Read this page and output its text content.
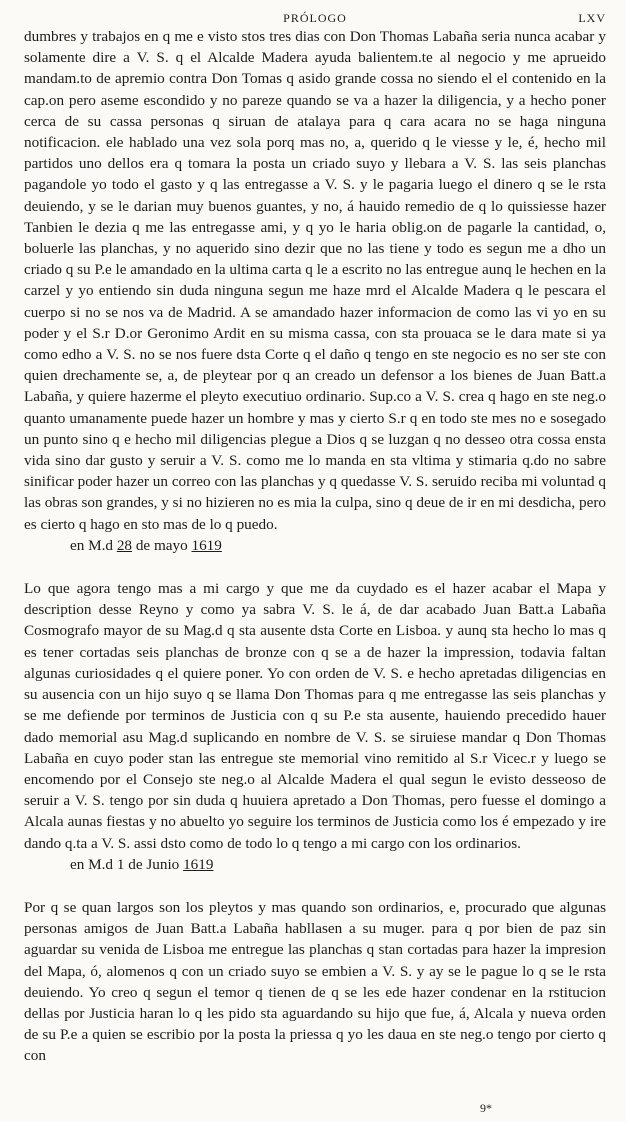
PRÓLOGO	LXV

dumbres y trabajos en q me e visto stos tres dias con Don Thomas Labaña seria nunca acabar y solamente dire a V. S. q el Alcalde Madera ayuda balientem.te al negocio y me aprueido mandam.to de apremio contra Don Tomas q asido grande cossa no siendo el el contenido en la cap.on pero aseme escondido y no pareze quando se va a hazer la diligencia, y a hecho poner cerca de su cassa personas q siruan de atalaya para q cara acara no se haga ninguna notificacion. ele hablado una vez sola porq mas no, a, querido q le viesse y le, é, hecho mil partidos uno dellos era q tomara la posta un criado suyo y llebara a V. S. las seis planchas pagandole yo todo el gasto y q las entregasse a V. S. y le pagaria luego el dinero q se le rsta deuiendo, y se le darian muy buenos guantes, y no, á hauido remedio de q lo quissiesse hazer Tanbien le dezia q me las entregasse ami, y q yo le haria oblig.on de pagarle la cantidad, o, boluerle las planchas, y no aquerido sino dezir que no las tiene y todo es segun me a dho un criado q su P.e le amandado en la ultima carta q le a escrito no las entregue aunq le hechen en la carzel y yo entiendo sin duda ninguna segun me haze mrd el Alcalde Madera q le pescara el cuerpo si no se nos va de Madrid. A se amandado hazer informacion de como las vi yo en su poder y el S.r D.or Geronimo Ardit en su misma cassa, con sta prouaca se le dara mate si ya como edho a V. S. no se nos fuere dsta Corte q el daño q tengo en ste negocio es no ser ste con quien drechamente se, a, de pleytear por q an creado un defensor a los bienes de Juan Batt.a Labaña, y quiere hazerme el pleyto executiuo ordinario. Sup.co a V. S. crea q hago en ste neg.o quanto umanamente puede hazer un hombre y mas y cierto S.r q en todo ste mes no e sosegado un punto sino q e hecho mil diligencias plegue a Dios q se luzgan q no desseo otra cossa ensta vida sino dar gusto y seruir a V. S. como me lo manda en sta vltima y stimaria q.do no sabre sinificar poder hazer un correo con las planchas y q quedasse V. S. seruido reciba mi voluntad q las obras son grandes, y si no hizieren no es mia la culpa, sino q deue de ir en mi desdicha, pero es cierto q hago en sto mas de lo q puedo.

en M.d 28 de mayo 1619

Lo que agora tengo mas a mi cargo y que me da cuydado es el hazer acabar el Mapa y description desse Reyno y como ya sabra V. S. le á, de dar acabado Juan Batt.a Labaña Cosmografo mayor de su Mag.d q sta ausente dsta Corte en Lisboa. y aunq sta hecho lo mas q es tener cortadas seis planchas de bronze con q se a de hazer la impression, todavia faltan algunas curiosidades q el quiere poner. Yo con orden de V. S. e hecho apretadas diligencias en su ausencia con un hijo suyo q se llama Don Thomas para q me entregasse las seis planchas y se me defiende por terminos de Justicia con q su P.e sta ausente, hauiendo precedido hauer dado memorial asu Mag.d suplicando en nombre de V. S. se siruiese mandar q Don Thomas Labaña en cuyo poder stan las entregue ste memorial vino remitido al S.r Vicec.r y luego se encomendo por el Consejo ste neg.o al Alcalde Madera el qual segun le evisto desseoso de seruir a V. S. tengo por sin duda q huuiera apretado a Don Thomas, pero fuesse el domingo a Alcala aunas fiestas y no abuelto yo seguire los terminos de Justicia como los é empezado y ire dando q.ta a V. S. assi dsto como de todo lo q tengo a mi cargo con los ordinarios.

en M.d 1 de Junio 1619

Por q se quan largos son los pleytos y mas quando son ordinarios, e, procurado que algunas personas amigos de Juan Batt.a Labaña habllasen a su muger. para q por bien de paz sin aguardar su venida de Lisboa me entregue las planchas q stan cortadas para hazer la impresion del Mapa, ó, alomenos q con un criado suyo se embien a V. S. y ay se le pague lo q se le rsta deuiendo. Yo creo q segun el temor q tienen de q se les ede hazer condenar en la rstitucion dellas por Justicia haran lo q les pido sta aguardando su hijo que fue, á, Alcala y nueva orden de su P.e a quien se escribio por la posta la priessa q yo les daua en ste neg.o tengo por cierto q con

9*
